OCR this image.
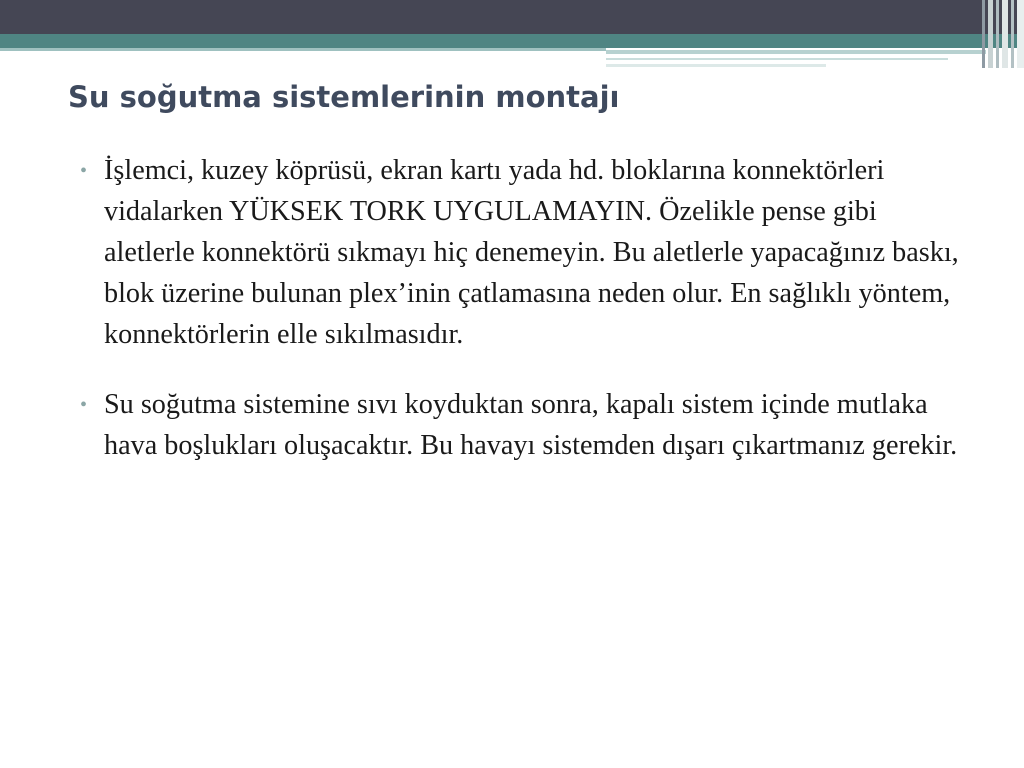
Su soğutma sistemlerinin montajı

• İşlemci, kuzey köprüsü, ekran kartı yada hd. bloklarına konnektörleri vidalarken YÜKSEK TORK UYGULAMAYIN. Özelikle pense gibi aletlerle konnektörü sıkmayı hiç denemeyin. Bu aletlerle yapacağınız baskı, blok üzerine bulunan plex’inin çatlamasına neden olur. En sağlıklı yöntem, konnektörlerin elle sıkılmasıdır.

• Su soğutma sistemine sıvı koyduktan sonra, kapalı sistem içinde mutlaka hava boşlukları oluşacaktır. Bu havayı sistemden dışarı çıkartmanız gerekir.
